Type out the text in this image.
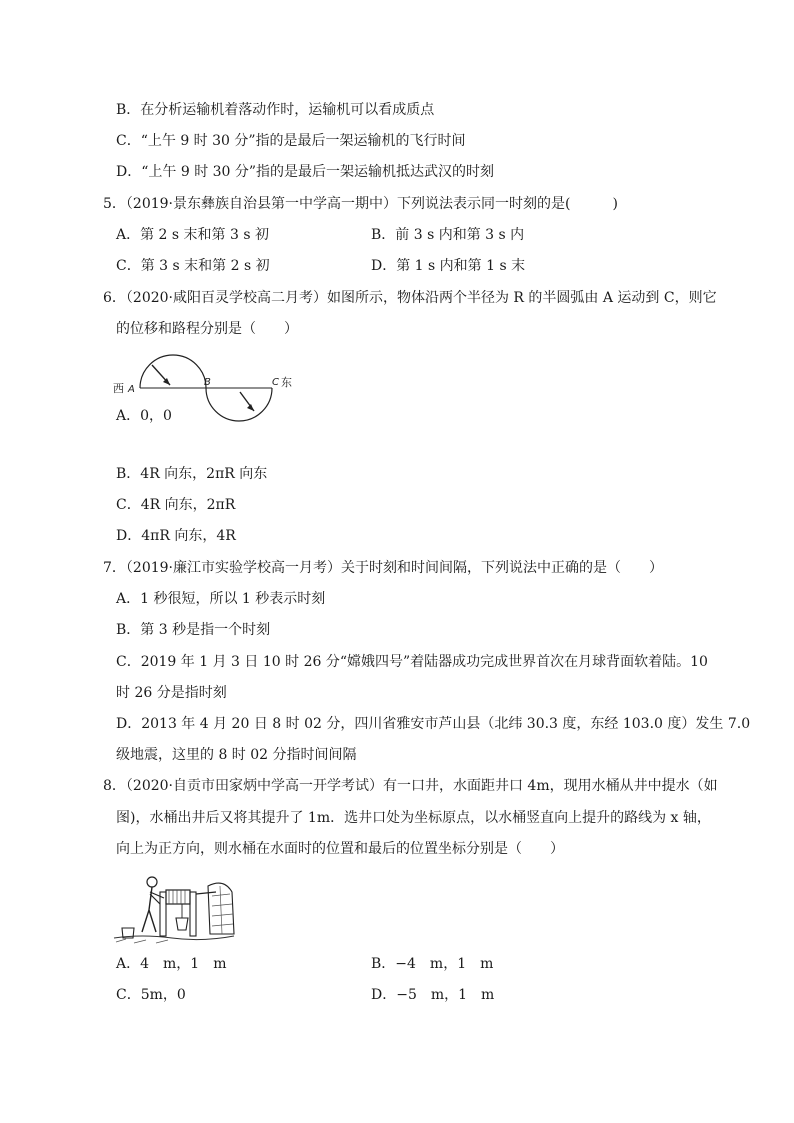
B．在分析运输机着落动作时，运输机可以看成质点
C．“上午 9 时 30 分”指的是最后一架运输机的飞行时间
D．“上午 9 时 30 分”指的是最后一架运输机抵达武汉的时刻
5．（2019·景东彝族自治县第一中学高一期中）下列说法表示同一时刻的是(　　　)
A．第 2 s 末和第 3 s 初	B．前 3 s 内和第 3 s 内
C．第 3 s 末和第 2 s 初	D．第 1 s 内和第 1 s 末
6．（2020·咸阳百灵学校高二月考）如图所示，物体沿两个半径为 R 的半圆弧由 A 运动到 C，则它
的位移和路程分别是（　　）
西 A
B	C 东
A．0，0
B．4R 向东，2πR 向东
C．4R 向东，2πR
D．4πR 向东，4R
7．（2019·廉江市实验学校高一月考）关于时刻和时间间隔，下列说法中正确的是（　　）
A．1 秒很短，所以 1 秒表示时刻
B．第 3 秒是指一个时刻
C．2019 年 1 月 3 日 10 时 26 分“嫦娥四号”着陆器成功完成世界首次在月球背面软着陆。10
时 26 分是指时刻
D．2013 年 4 月 20 日 8 时 02 分，四川省雅安市芦山县（北纬 30.3 度，东经 103.0 度）发生 7.0
级地震，这里的 8 时 02 分指时间间隔
8．（2020·自贡市田家炳中学高一开学考试）有一口井，水面距井口 4m，现用水桶从井中提水（如
图)，水桶出井后又将其提升了 1m．选井口处为坐标原点，以水桶竖直向上提升的路线为 x 轴，
向上为正方向，则水桶在水面时的位置和最后的位置坐标分别是（　　）
A．4　m，1　m	B．−4　m，1　m
C．5m，0	D．−5　m，1　m
